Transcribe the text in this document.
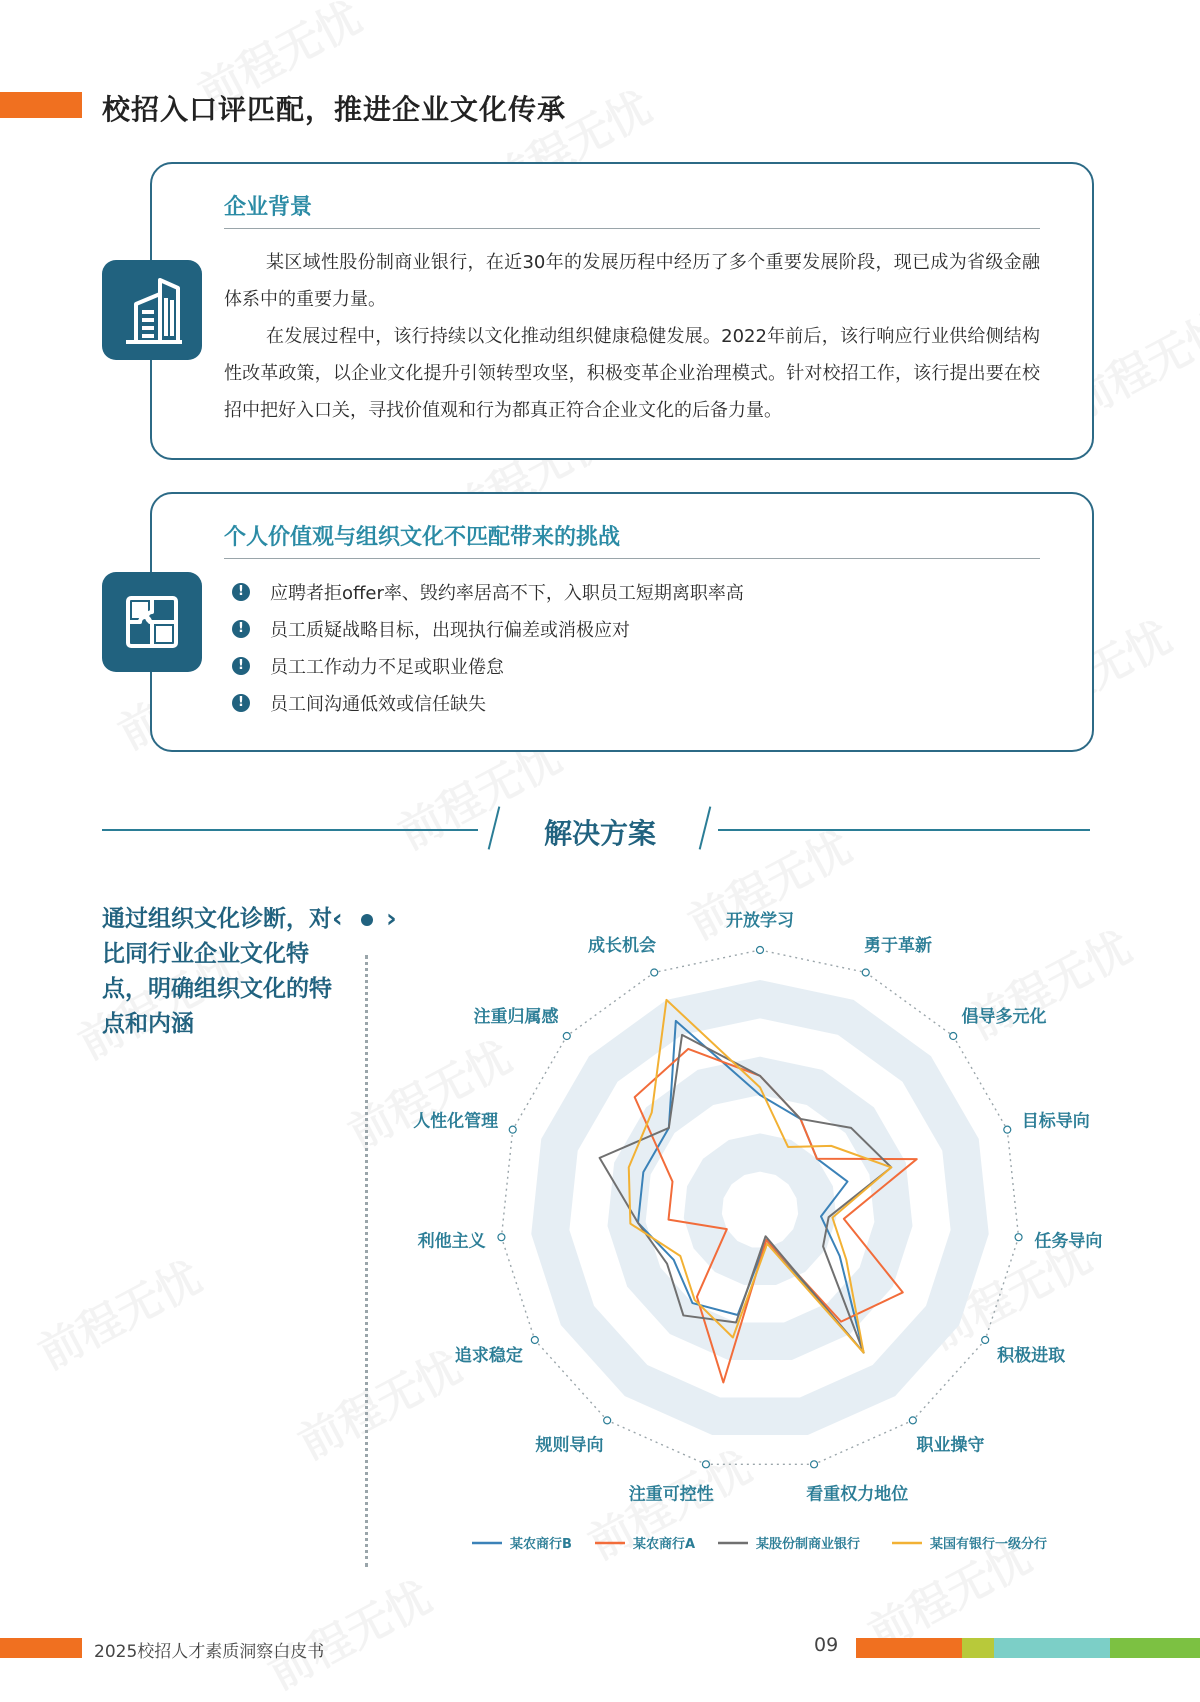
校招入口评匹配，推进企业文化传承
企业背景

某区域性股份制商业银行，在近30年的发展历程中经历了多个重要发展阶段，现已成为省级金融体系中的重要力量。

在发展过程中，该行持续以文化推动组织健康稳健发展。2022年前后，该行响应行业供给侧结构性改革政策，以企业文化提升引领转型攻坚，积极变革企业治理模式。针对校招工作，该行提出要在校招中把好入口关，寻找价值观和行为都真正符合企业文化的后备力量。

个人价值观与组织文化不匹配带来的挑战
! 应聘者拒offer率、毁约率居高不下，入职员工短期离职率高
! 员工质疑战略目标，出现执行偏差或消极应对
! 员工工作动力不足或职业倦怠
! 员工间沟通低效或信任缺失
解决方案
通过组织文化诊断，对比同行业企业文化特点，明确组织文化的特点和内涵
‹ ›	开放学习
勇于革新
倡导多元化
目标导向
任务导向
积极进取
职业操守
看重权力地位
注重可控性
规则导向
追求稳定
利他主义
人性化管理
注重归属感
成长机会
某农商行B	某农商行A	某股份制商业银行	某国有银行一级分行
2025校招人才素质洞察白皮书	09
